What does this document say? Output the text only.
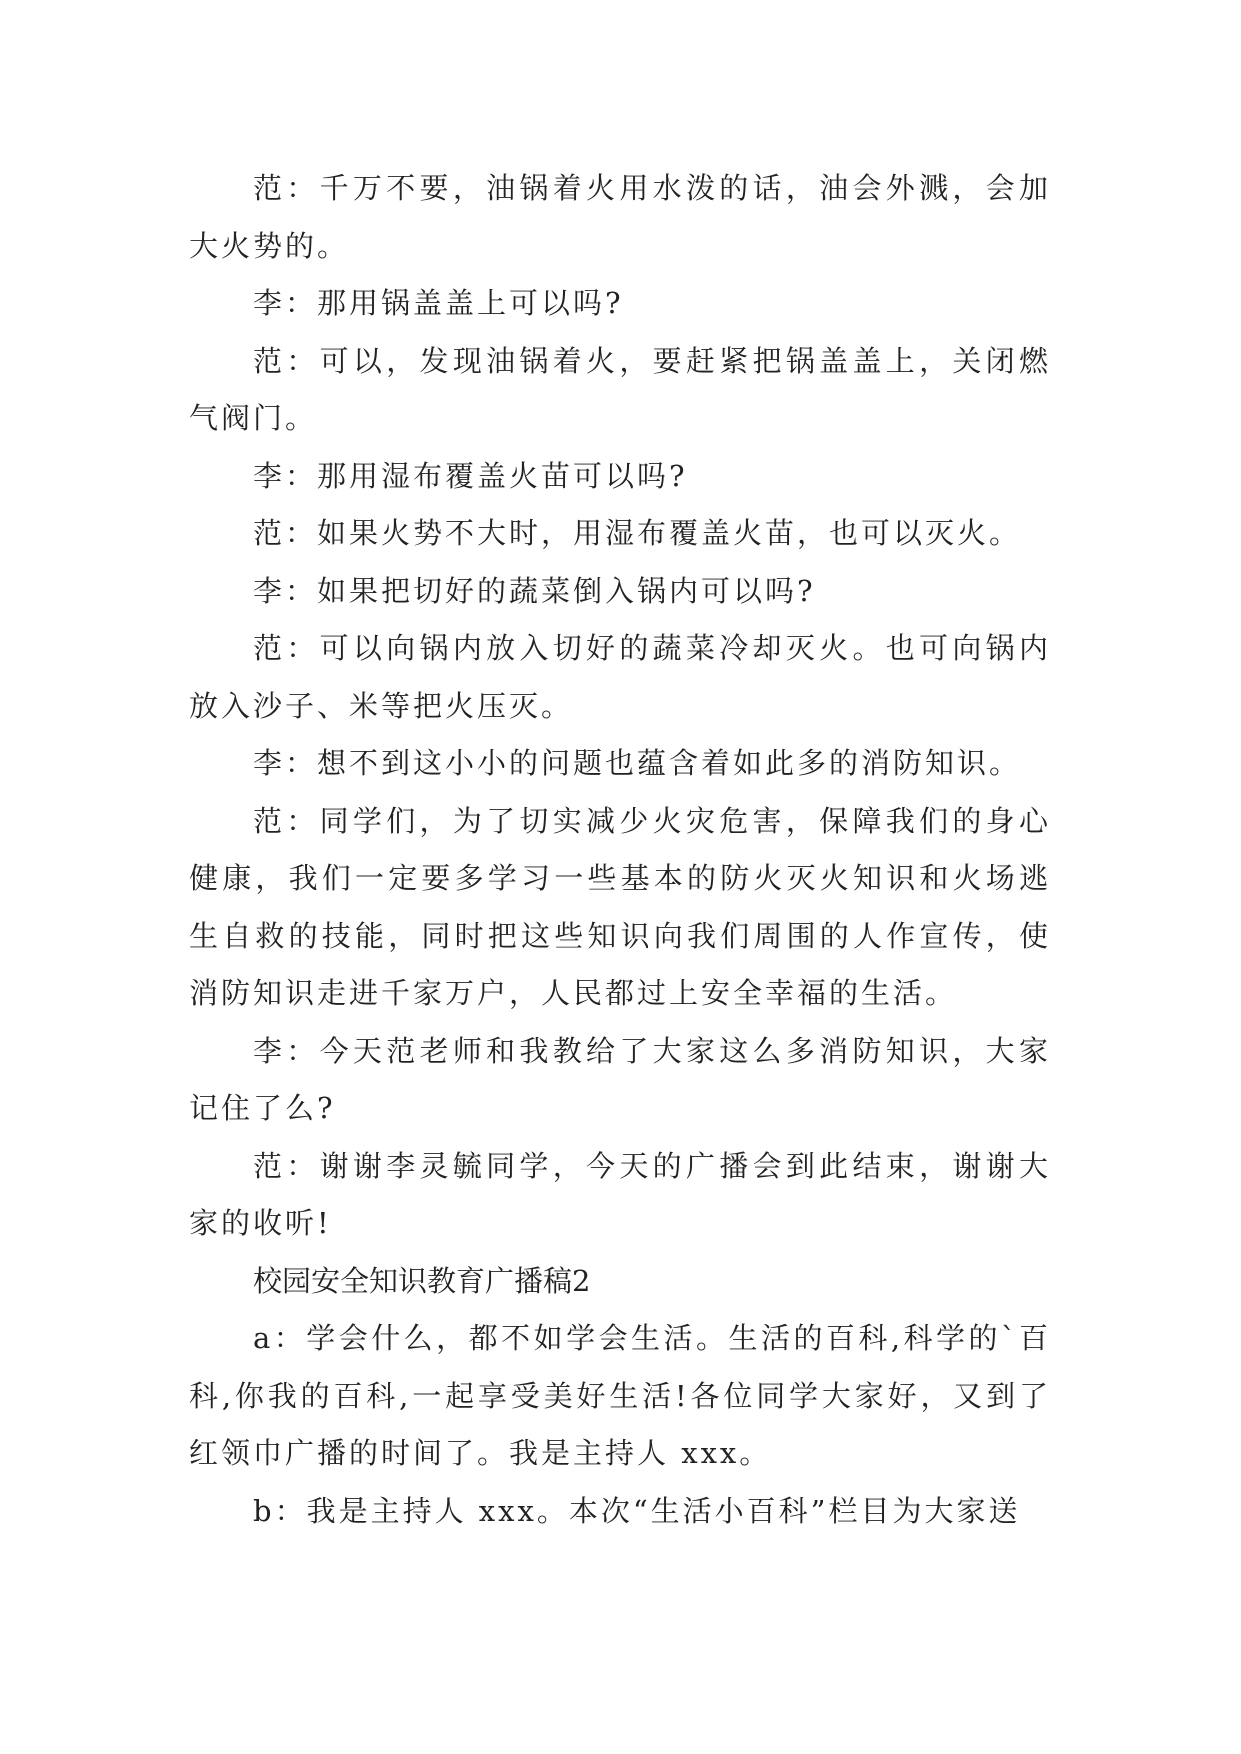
范：千万不要，油锅着火用水泼的话，油会外溅，会加大火势的。

李：那用锅盖盖上可以吗?

范：可以，发现油锅着火，要赶紧把锅盖盖上，关闭燃气阀门。

李：那用湿布覆盖火苗可以吗?

范：如果火势不大时，用湿布覆盖火苗，也可以灭火。

李：如果把切好的蔬菜倒入锅内可以吗?

范：可以向锅内放入切好的蔬菜冷却灭火。也可向锅内放入沙子、米等把火压灭。

李：想不到这小小的问题也蕴含着如此多的消防知识。

范：同学们，为了切实减少火灾危害，保障我们的身心健康，我们一定要多学习一些基本的防火灭火知识和火场逃生自救的技能，同时把这些知识向我们周围的人作宣传，使消防知识走进千家万户，人民都过上安全幸福的生活。

李：今天范老师和我教给了大家这么多消防知识，大家记住了么?

范：谢谢李灵毓同学，今天的广播会到此结束，谢谢大家的收听!

校园安全知识教育广播稿2

a：学会什么，都不如学会生活。生活的百科,科学的`百科,你我的百科,一起享受美好生活!各位同学大家好，又到了红领巾广播的时间了。我是主持人 xxx。

b：我是主持人 xxx。本次“生活小百科”栏目为大家送
